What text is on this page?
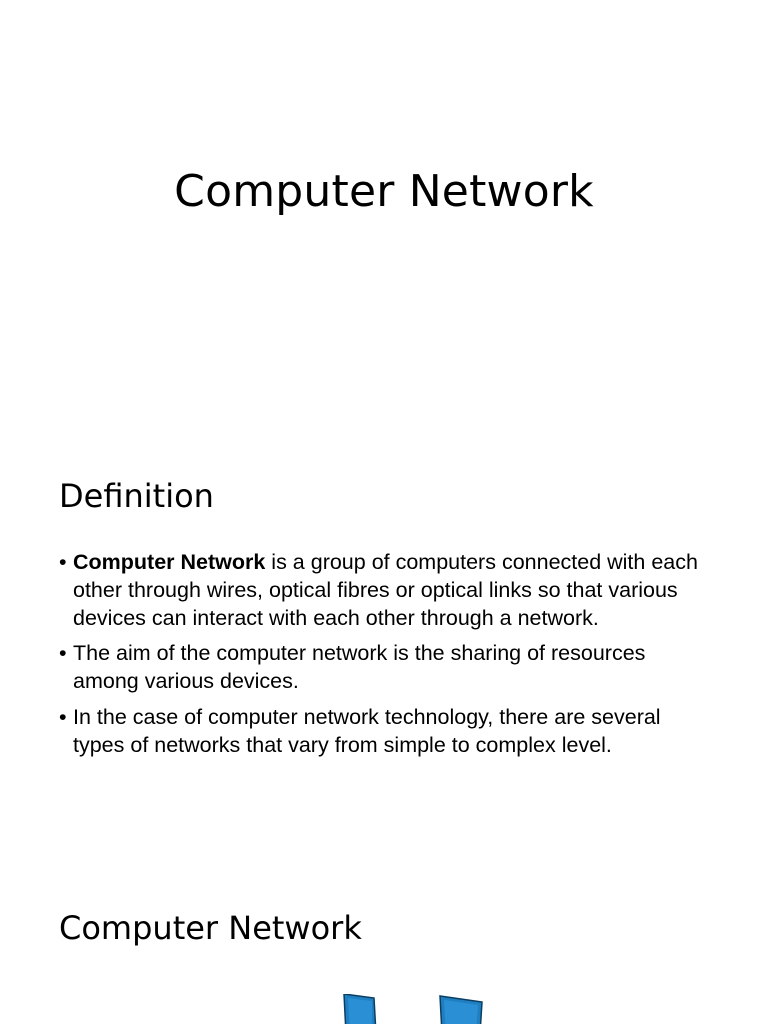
Computer Network
Definition
• Computer Network is a group of computers connected with each other through wires, optical fibres or optical links so that various devices can interact with each other through a network.
• The aim of the computer network is the sharing of resources among various devices.
• In the case of computer network technology, there are several types of networks that vary from simple to complex level.
Computer Network
